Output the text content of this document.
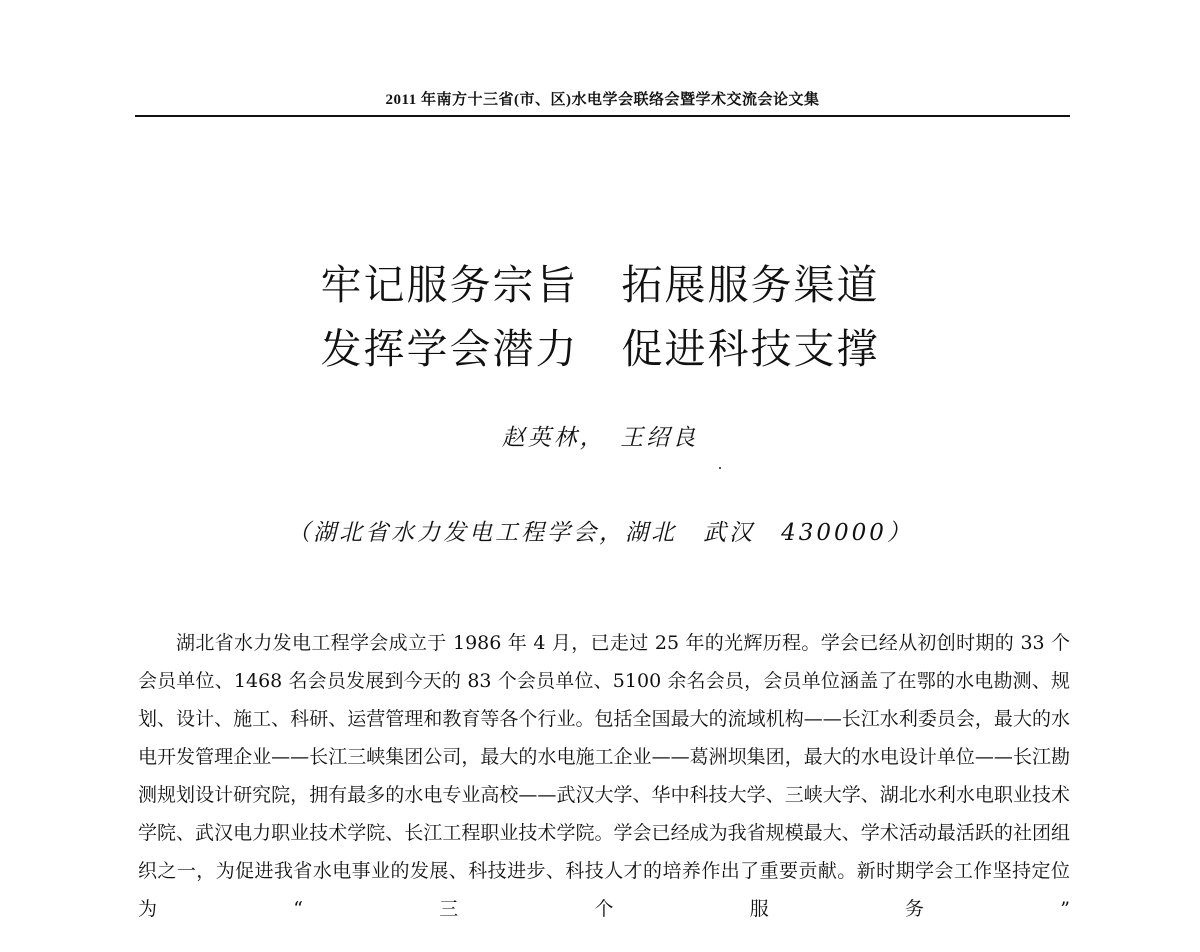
2011 年南方十三省(市、区)水电学会联络会暨学术交流会论文集
牢记服务宗旨　拓展服务渠道
发挥学会潜力　促进科技支撑
赵英林，　王绍良
（湖北省水力发电工程学会，湖北　武汉　430000）

湖北省水力发电工程学会成立于 1986 年 4 月，已走过 25 年的光辉历程。学会已经从初创时期的 33 个会员单位、1468 名会员发展到今天的 83 个会员单位、5100 余名会员，会员单位涵盖了在鄂的水电勘测、规划、设计、施工、科研、运营管理和教育等各个行业。包括全国最大的流域机构——长江水利委员会，最大的水电开发管理企业——长江三峡集团公司，最大的水电施工企业——葛洲坝集团，最大的水电设计单位——长江勘测规划设计研究院，拥有最多的水电专业高校——武汉大学、华中科技大学、三峡大学、湖北水利水电职业技术学院、武汉电力职业技术学院、长江工程职业技术学院。学会已经成为我省规模最大、学术活动最活跃的社团组织之一，为促进我省水电事业的发展、科技进步、科技人才的培养作出了重要贡献。新时期学会工作坚持定位为“三个服务”
